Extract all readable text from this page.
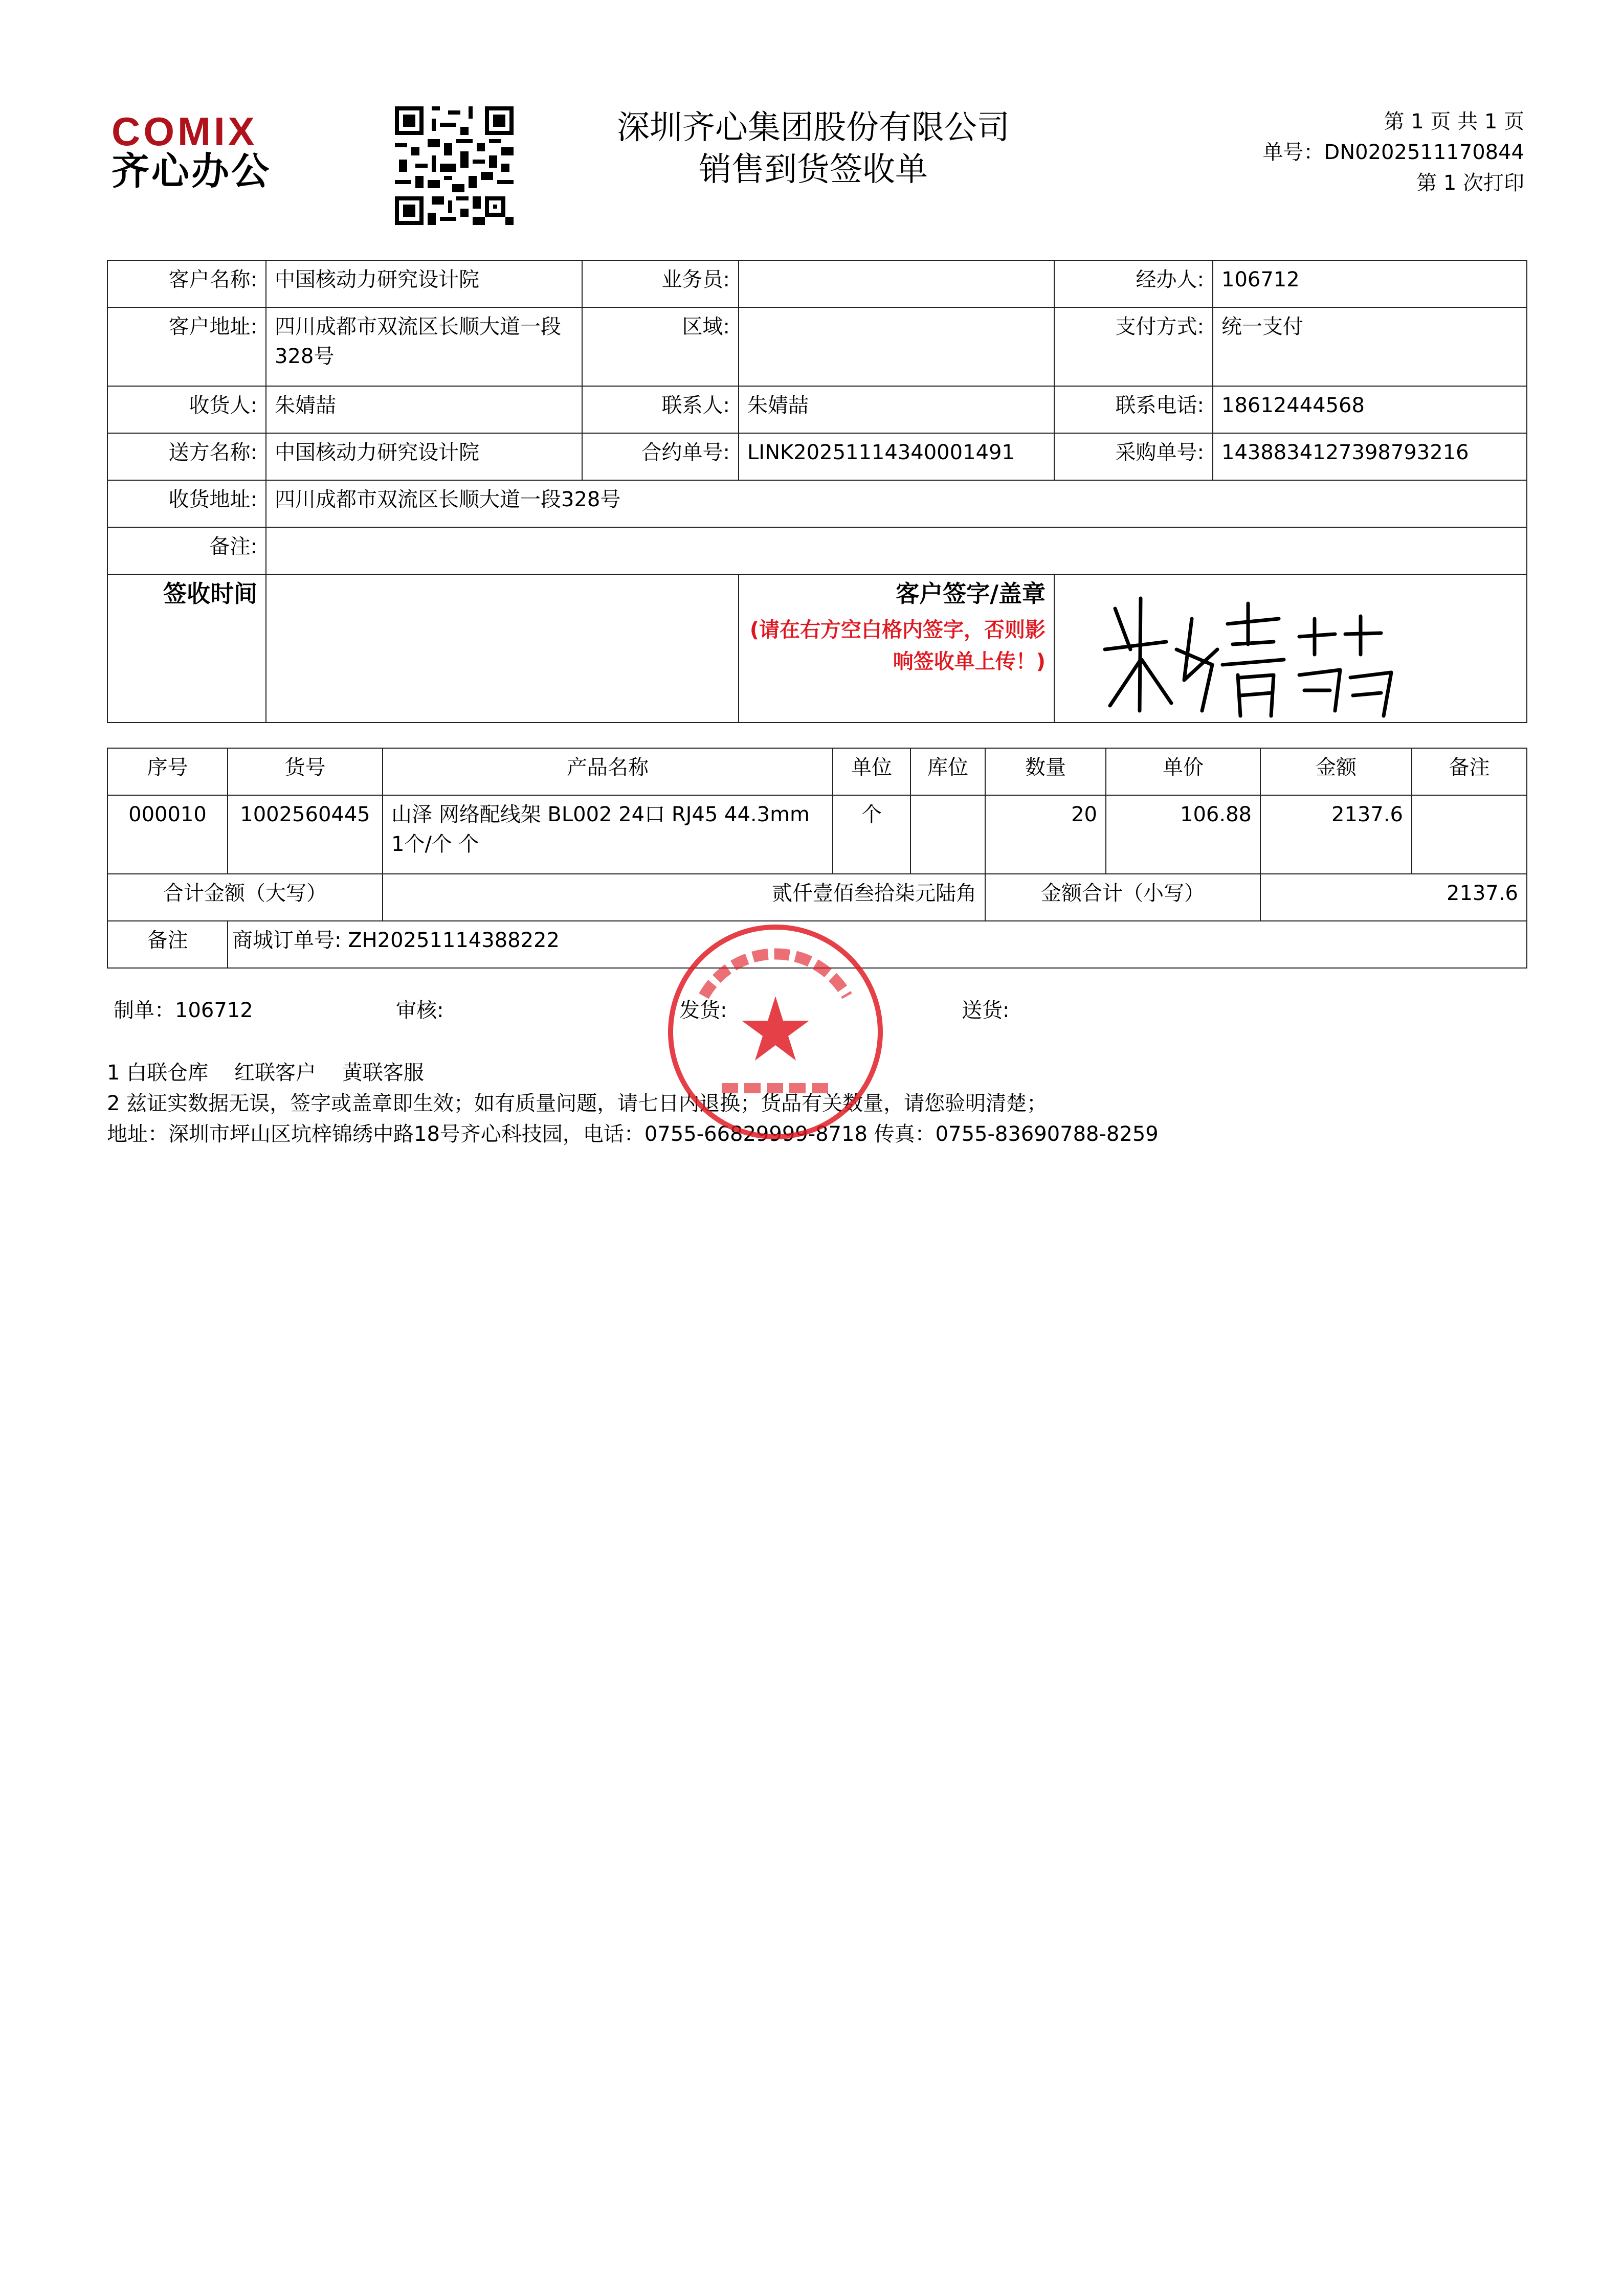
COMIX
齐心办公
深圳齐心集团股份有限公司
销售到货签收单
第 1 页 共 1 页
单号：DN0202511170844
第 1 次打印
客户名称:	中国核动力研究设计院	业务员:		经办人:	106712
客户地址:	四川成都市双流区长顺大道一段328号	区域:		支付方式:	统一支付
收货人:	朱婧喆	联系人:	朱婧喆	联系电话:	18612444568
送方名称:	中国核动力研究设计院	合约单号:	LINK20251114340001491	采购单号:	1438834127398793216
收货地址:	四川成都市双流区长顺大道一段328号				
备注:					
签收时间			客户签字/盖章
(请在右方空白格内签字，否则影响签收单上传！)		

序号	货号	产品名称	单位	库位	数量	单价	金额	备注
000010	1002560445	山泽 网络配线架 BL002 24口 RJ45 44.3mm 1个/个 个	个		20	106.88	2137.6	
合计金额（大写）		贰仟壹佰叁拾柒元陆角			金额合计（小写）		2137.6	
备注	商城订单号: ZH20251114388222							
制单：106712	审核:	发货:	送货:
1 白联仓库    红联客户    黄联客服
2 兹证实数据无误，签字或盖章即生效；如有质量问题，请七日内退换；货品有关数量，请您验明清楚；
地址：深圳市坪山区坑梓锦绣中路18号齐心科技园，电话：0755-66829999-8718 传真：0755-83690788-8259
